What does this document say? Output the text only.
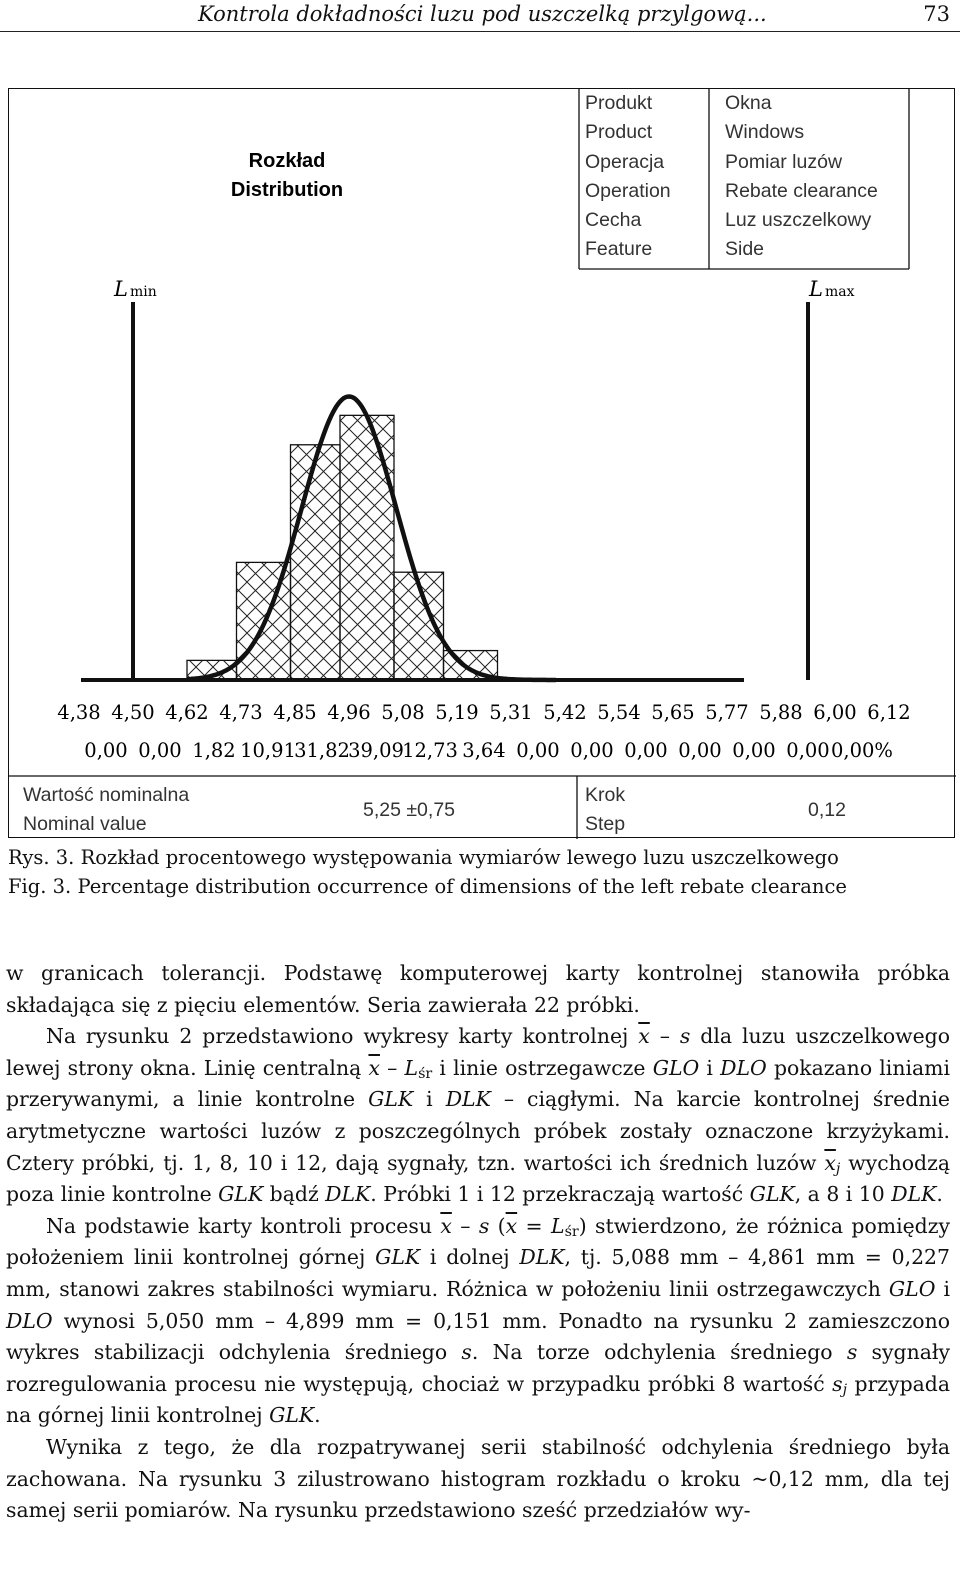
Kontrola dokładności luzu pod uszczelką przylgową...	73
Rozkład
Distribution
Produkt
Product
Okna
Windows
Operacja
Operation
Pomiar luzów
Rebate clearance
Cecha
Feature
Luz uszczelkowy
Side
Lmin	Lmax
4,38 4,50 4,62 4,73 4,85 4,96 5,08 5,19 5,31 5,42 5,54 5,65 5,77 5,88 6,00 6,12
0,00 0,00 1,82 10,91
31,82
39,09
12,73 3,64 0,00 0,00 0,00 0,00 0,00 0,00 0,00%
Wartość nominalna
Nominal value
5,25 ±0,75
Krok
Step
0,12
Rys. 3. Rozkład procentowego występowania wymiarów lewego luzu uszczelkowego
Fig. 3. Percentage distribution occurrence of dimensions of the left rebate clearance

w granicach tolerancji. Podstawę komputerowej karty kontrolnej stanowiła próbka składająca się z pięciu elementów. Seria zawierała 22 próbki.

Na rysunku 2 przedstawiono wykresy karty kontrolnej $\overline{x}$ – s dla luzu uszczelkowego lewej strony okna. Linię centralną $\overline{x} - L_{śr}$ i linie ostrzegawcze GLO i DLO pokazano liniami przerywanymi, a linie kontrolne GLK i DLK – ciągłymi. Na karcie kontrolnej średnie arytmetyczne wartości luzów z poszczególnych próbek zostały oznaczone krzyżykami. Cztery próbki, tj. 1, 8, 10 i 12, dają sygnały, tzn. wartości ich średnich luzów $\overline{x}_j$ wychodzą poza linie kontrolne GLK bądź DLK. Próbki 1 i 12 przekraczają wartość GLK, a 8 i 10 DLK.

Na podstawie karty kontroli procesu $\overline{x}$ – s $(\overline{x} = L_{śr})$ stwierdzono, że różnica pomiędzy położeniem linii kontrolnej górnej GLK i dolnej DLK, tj. 5,088 mm – 4,861 mm = 0,227 mm, stanowi zakres stabilności wymiaru. Różnica w położeniu linii ostrzegawczych GLO i DLO wynosi 5,050 mm – 4,899 mm = 0,151 mm. Ponadto na rysunku 2 zamieszczono wykres stabilizacji odchylenia średniego s. Na torze odchylenia średniego s sygnały rozregulowania procesu nie występują, chociaż w przypadku próbki 8 wartość $s_j$ przypada na górnej linii kontrolnej GLK.

Wynika z tego, że dla rozpatrywanej serii stabilność odchylenia średniego była zachowana. Na rysunku 3 zilustrowano histogram rozkładu o kroku ~0,12 mm, dla tej samej serii pomiarów. Na rysunku przedstawiono sześć przedziałów wy-
